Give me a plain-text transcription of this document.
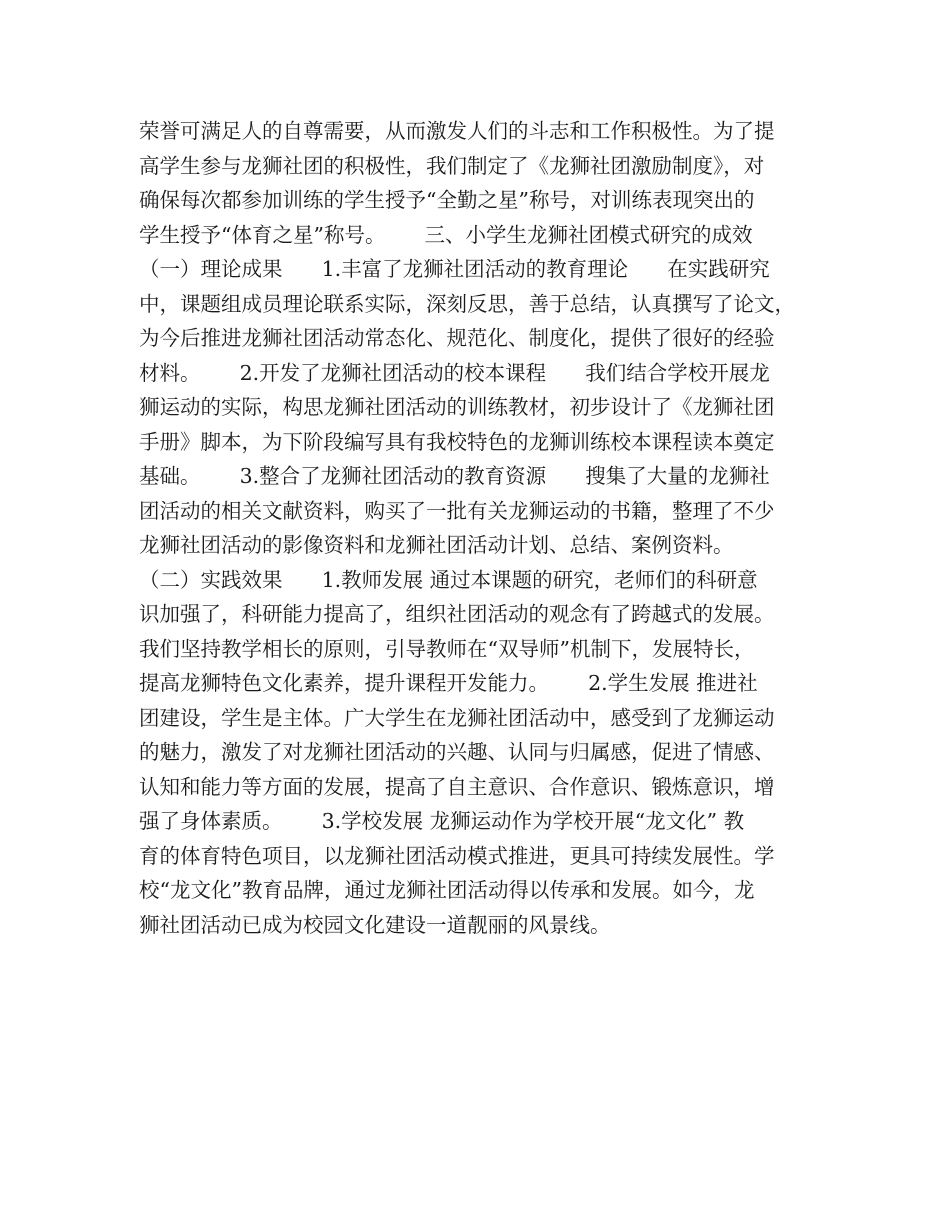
荣誉可满足人的自尊需要，从而激发人们的斗志和工作积极性。为了提
高学生参与龙狮社团的积极性，我们制定了《龙狮社团激励制度》，对
确保每次都参加训练的学生授予“全勤之星”称号，对训练表现突出的
学生授予“体育之星”称号。      三、小学生龙狮社团模式研究的成效
（一）理论成果      1.丰富了龙狮社团活动的教育理论      在实践研究
中，课题组成员理论联系实际，深刻反思，善于总结，认真撰写了论文，
为今后推进龙狮社团活动常态化、规范化、制度化，提供了很好的经验
材料。      2.开发了龙狮社团活动的校本课程      我们结合学校开展龙
狮运动的实际，构思龙狮社团活动的训练教材，初步设计了《龙狮社团
手册》脚本，为下阶段编写具有我校特色的龙狮训练校本课程读本奠定
基础。      3.整合了龙狮社团活动的教育资源      搜集了大量的龙狮社
团活动的相关文献资料，购买了一批有关龙狮运动的书籍，整理了不少
龙狮社团活动的影像资料和龙狮社团活动计划、总结、案例资料。
（二）实践效果      1.教师发展 通过本课题的研究，老师们的科研意
识加强了，科研能力提高了，组织社团活动的观念有了跨越式的发展。
我们坚持教学相长的原则，引导教师在“双导师”机制下，发展特长，
提高龙狮特色文化素养，提升课程开发能力。      2.学生发展 推进社
团建设，学生是主体。广大学生在龙狮社团活动中，感受到了龙狮运动
的魅力，激发了对龙狮社团活动的兴趣、认同与归属感，促进了情感、
认知和能力等方面的发展，提高了自主意识、合作意识、锻炼意识，增
强了身体素质。      3.学校发展 龙狮运动作为学校开展“龙文化” 教
育的体育特色项目，以龙狮社团活动模式推进，更具可持续发展性。学
校“龙文化”教育品牌，通过龙狮社团活动得以传承和发展。如今，龙
狮社团活动已成为校园文化建设一道靓丽的风景线。
